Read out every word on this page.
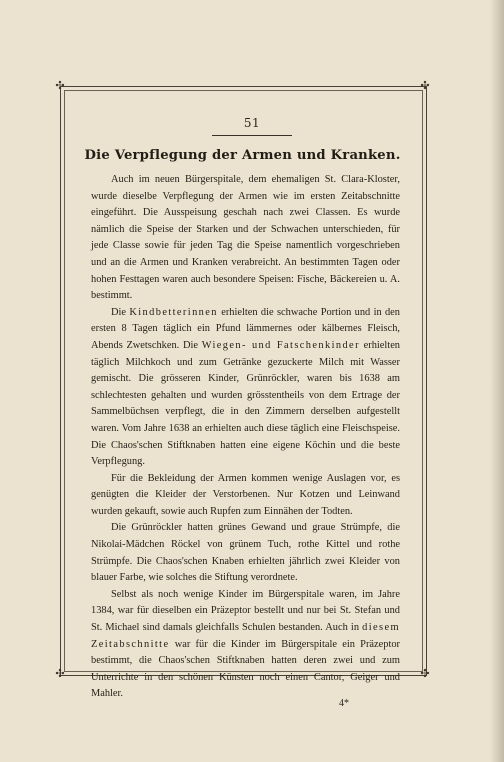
✣	✣
✣	✣
51
Die Verpflegung der Armen und Kranken.

Auch im neuen Bürgerspitale, dem ehemaligen St. Clara-Kloster, wurde dieselbe Verpflegung der Armen wie im ersten Zeitabschnitte eingeführt. Die Ausspeisung geschah nach zwei Classen. Es wurde nämlich die Speise der Starken und der Schwachen unterschieden, für jede Classe sowie für jeden Tag die Speise namentlich vorgeschrieben und an die Armen und Kranken verabreicht. An bestimmten Tagen oder hohen Festtagen waren auch besondere Speisen: Fische, Bäckereien u. A. bestimmt.

Die Kindbetterinnen erhielten die schwache Portion und in den ersten 8 Tagen täglich ein Pfund lämmernes oder kälbernes Fleisch, Abends Zwetschken. Die Wiegen- und Fatschenkinder erhielten täglich Milchkoch und zum Getränke gezuckerte Milch mit Wasser gemischt. Die grösseren Kinder, Grünröckler, waren bis 1638 am schlechtesten gehalten und wurden grösstentheils von dem Ertrage der Sammelbüchsen verpflegt, die in den Zimmern derselben aufgestellt waren. Vom Jahre 1638 an erhielten auch diese täglich eine Fleischspeise. Die Chaos'schen Stiftknaben hatten eine eigene Köchin und die beste Verpflegung.

Für die Bekleidung der Armen kommen wenige Auslagen vor, es genügten die Kleider der Verstorbenen. Nur Kotzen und Leinwand wurden gekauft, sowie auch Rupfen zum Einnähen der Todten.

Die Grünröckler hatten grünes Gewand und graue Strümpfe, die Nikolai-Mädchen Röckel von grünem Tuch, rothe Kittel und rothe Strümpfe. Die Chaos'schen Knaben erhielten jährlich zwei Kleider von blauer Farbe, wie solches die Stiftung verordnete.

Selbst als noch wenige Kinder im Bürgerspitale waren, im Jahre 1384, war für dieselben ein Präzeptor bestellt und nur bei St. Stefan und St. Michael sind damals gleichfalls Schulen bestanden. Auch in diesem Zeitabschnitte war für die Kinder im Bürgerspitale ein Präzeptor bestimmt, die Chaos'schen Stiftknaben hatten deren zwei und zum Unterrichte in den schönen Künsten noch einen Cantor, Geiger und Mahler.

4*
